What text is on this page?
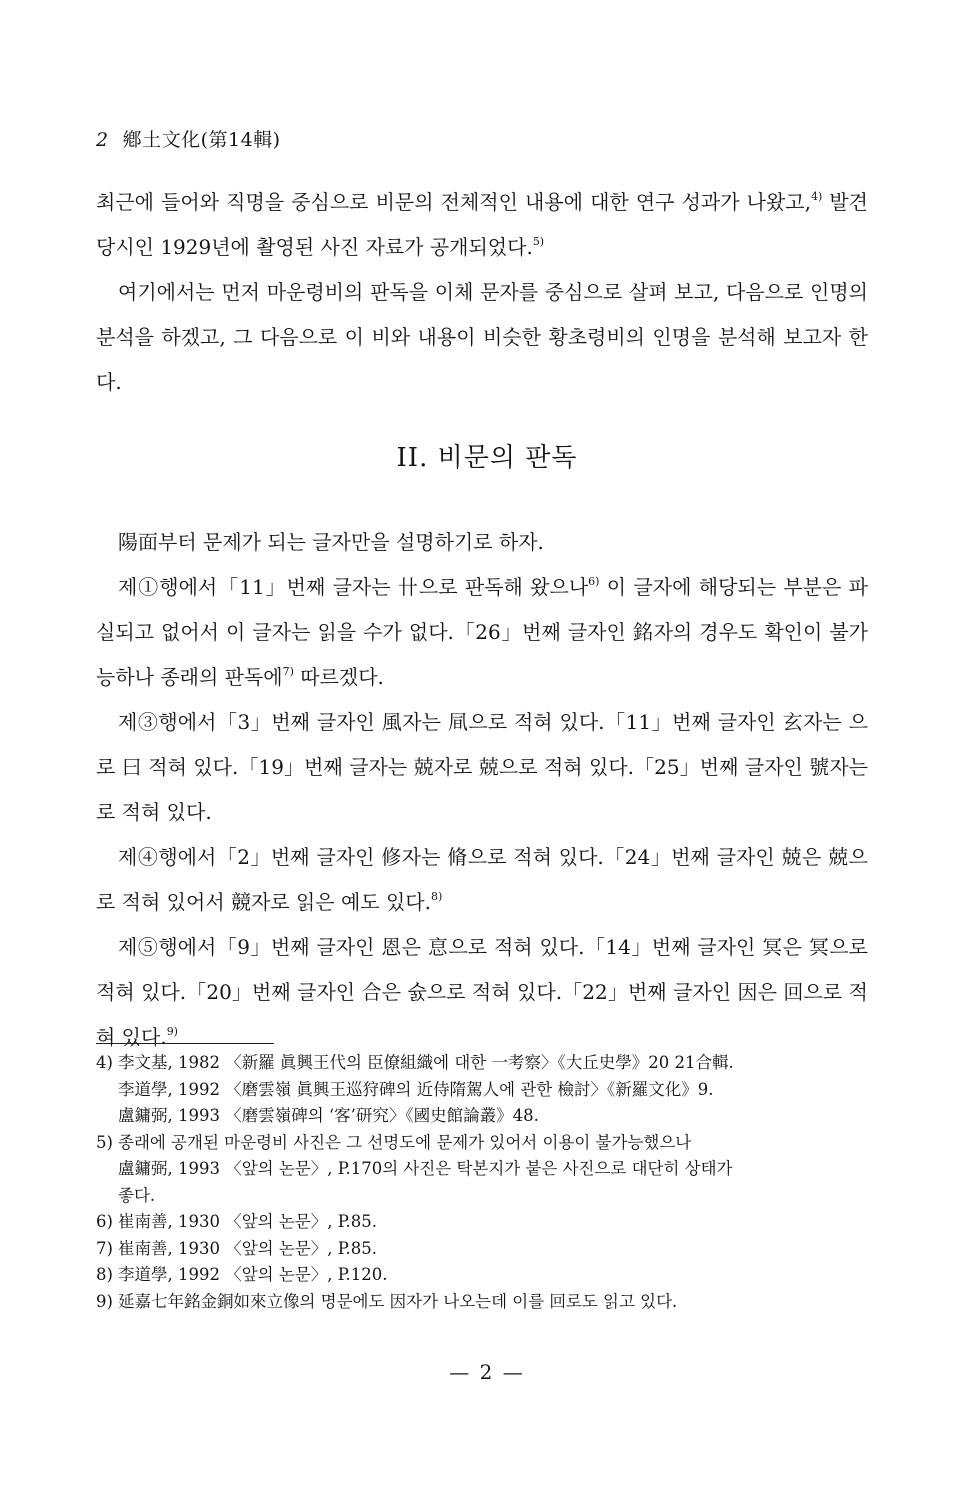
2 鄕土文化(第14輯)

최근에 들어와 직명을 중심으로 비문의 전체적인 내용에 대한 연구 성과가 나왔고,$^{4)}$ 발견당시인 1929년에 촬영된 사진 자료가 공개되었다.$^{5)}$

여기에서는 먼저 마운령비의 판독을 이체 문자를 중심으로 살펴 보고, 다음으로 인명의 분석을 하겠고, 그 다음으로 이 비와 내용이 비슷한 황초령비의 인명을 분석해 보고자 한다.

II. 비문의 판독

陽面부터 문제가 되는 글자만을 설명하기로 하자.

제①행에서「11」번째 글자는 卄으로 판독해 왔으나$^{6)}$ 이 글자에 해당되는 부분은 파실되고 없어서 이 글자는 읽을 수가 없다.「26」번째 글자인 銘자의 경우도 확인이 불가능하나 종래의 판독에$^{7)}$ 따르겠다.

제③행에서「3」번째 글자인 風자는 凬으로 적혀 있다.「11」번째 글자인 玄자는 으로 曰 적혀 있다.「19」번째 글자는 兢자로 兢으로 적혀 있다.「25」번째 글자인 號자는　 로 적혀 있다.

제④행에서「2」번째 글자인 修자는 脩으로 적혀 있다.「24」번째 글자인 兢은 兢으로 적혀 있어서 競자로 읽은 예도 있다.$^{8)}$

제⑤행에서「9」번째 글자인 恩은 恴으로 적혀 있다.「14」번째 글자인 冥은 冥으로 적혀 있다.「20」번째 글자인 合은 슔으로 적혀 있다.「22」번째 글자인 因은 回으로 적혀 있다.$^{9)}$

4) 李文基, 1982 〈新羅 眞興王代의 臣僚組織에 대한 一考察〉《大丘史學》20 21合輯.
李道學, 1992 〈磨雲嶺 眞興王巡狩碑의 近侍隋駕人에 관한 檢討〉《新羅文化》9.
盧鏞弼, 1993 〈磨雲嶺碑의 ‘客’研究〉《國史館論叢》48.
5) 종래에 공개된 마운령비 사진은 그 선명도에 문제가 있어서 이용이 불가능했으나
盧鏞弼, 1993 〈앞의 논문〉, P.170의 사진은 탁본지가 붙은 사진으로 대단히 상태가
좋다.
6) 崔南善, 1930 〈앞의 논문〉, P.85.
7) 崔南善, 1930 〈앞의 논문〉, P.85.
8) 李道學, 1992 〈앞의 논문〉, P.120.
9) 延嘉七年銘金銅如來立像의 명문에도 因자가 나오는데 이를 回로도 읽고 있다.
— 2 —
